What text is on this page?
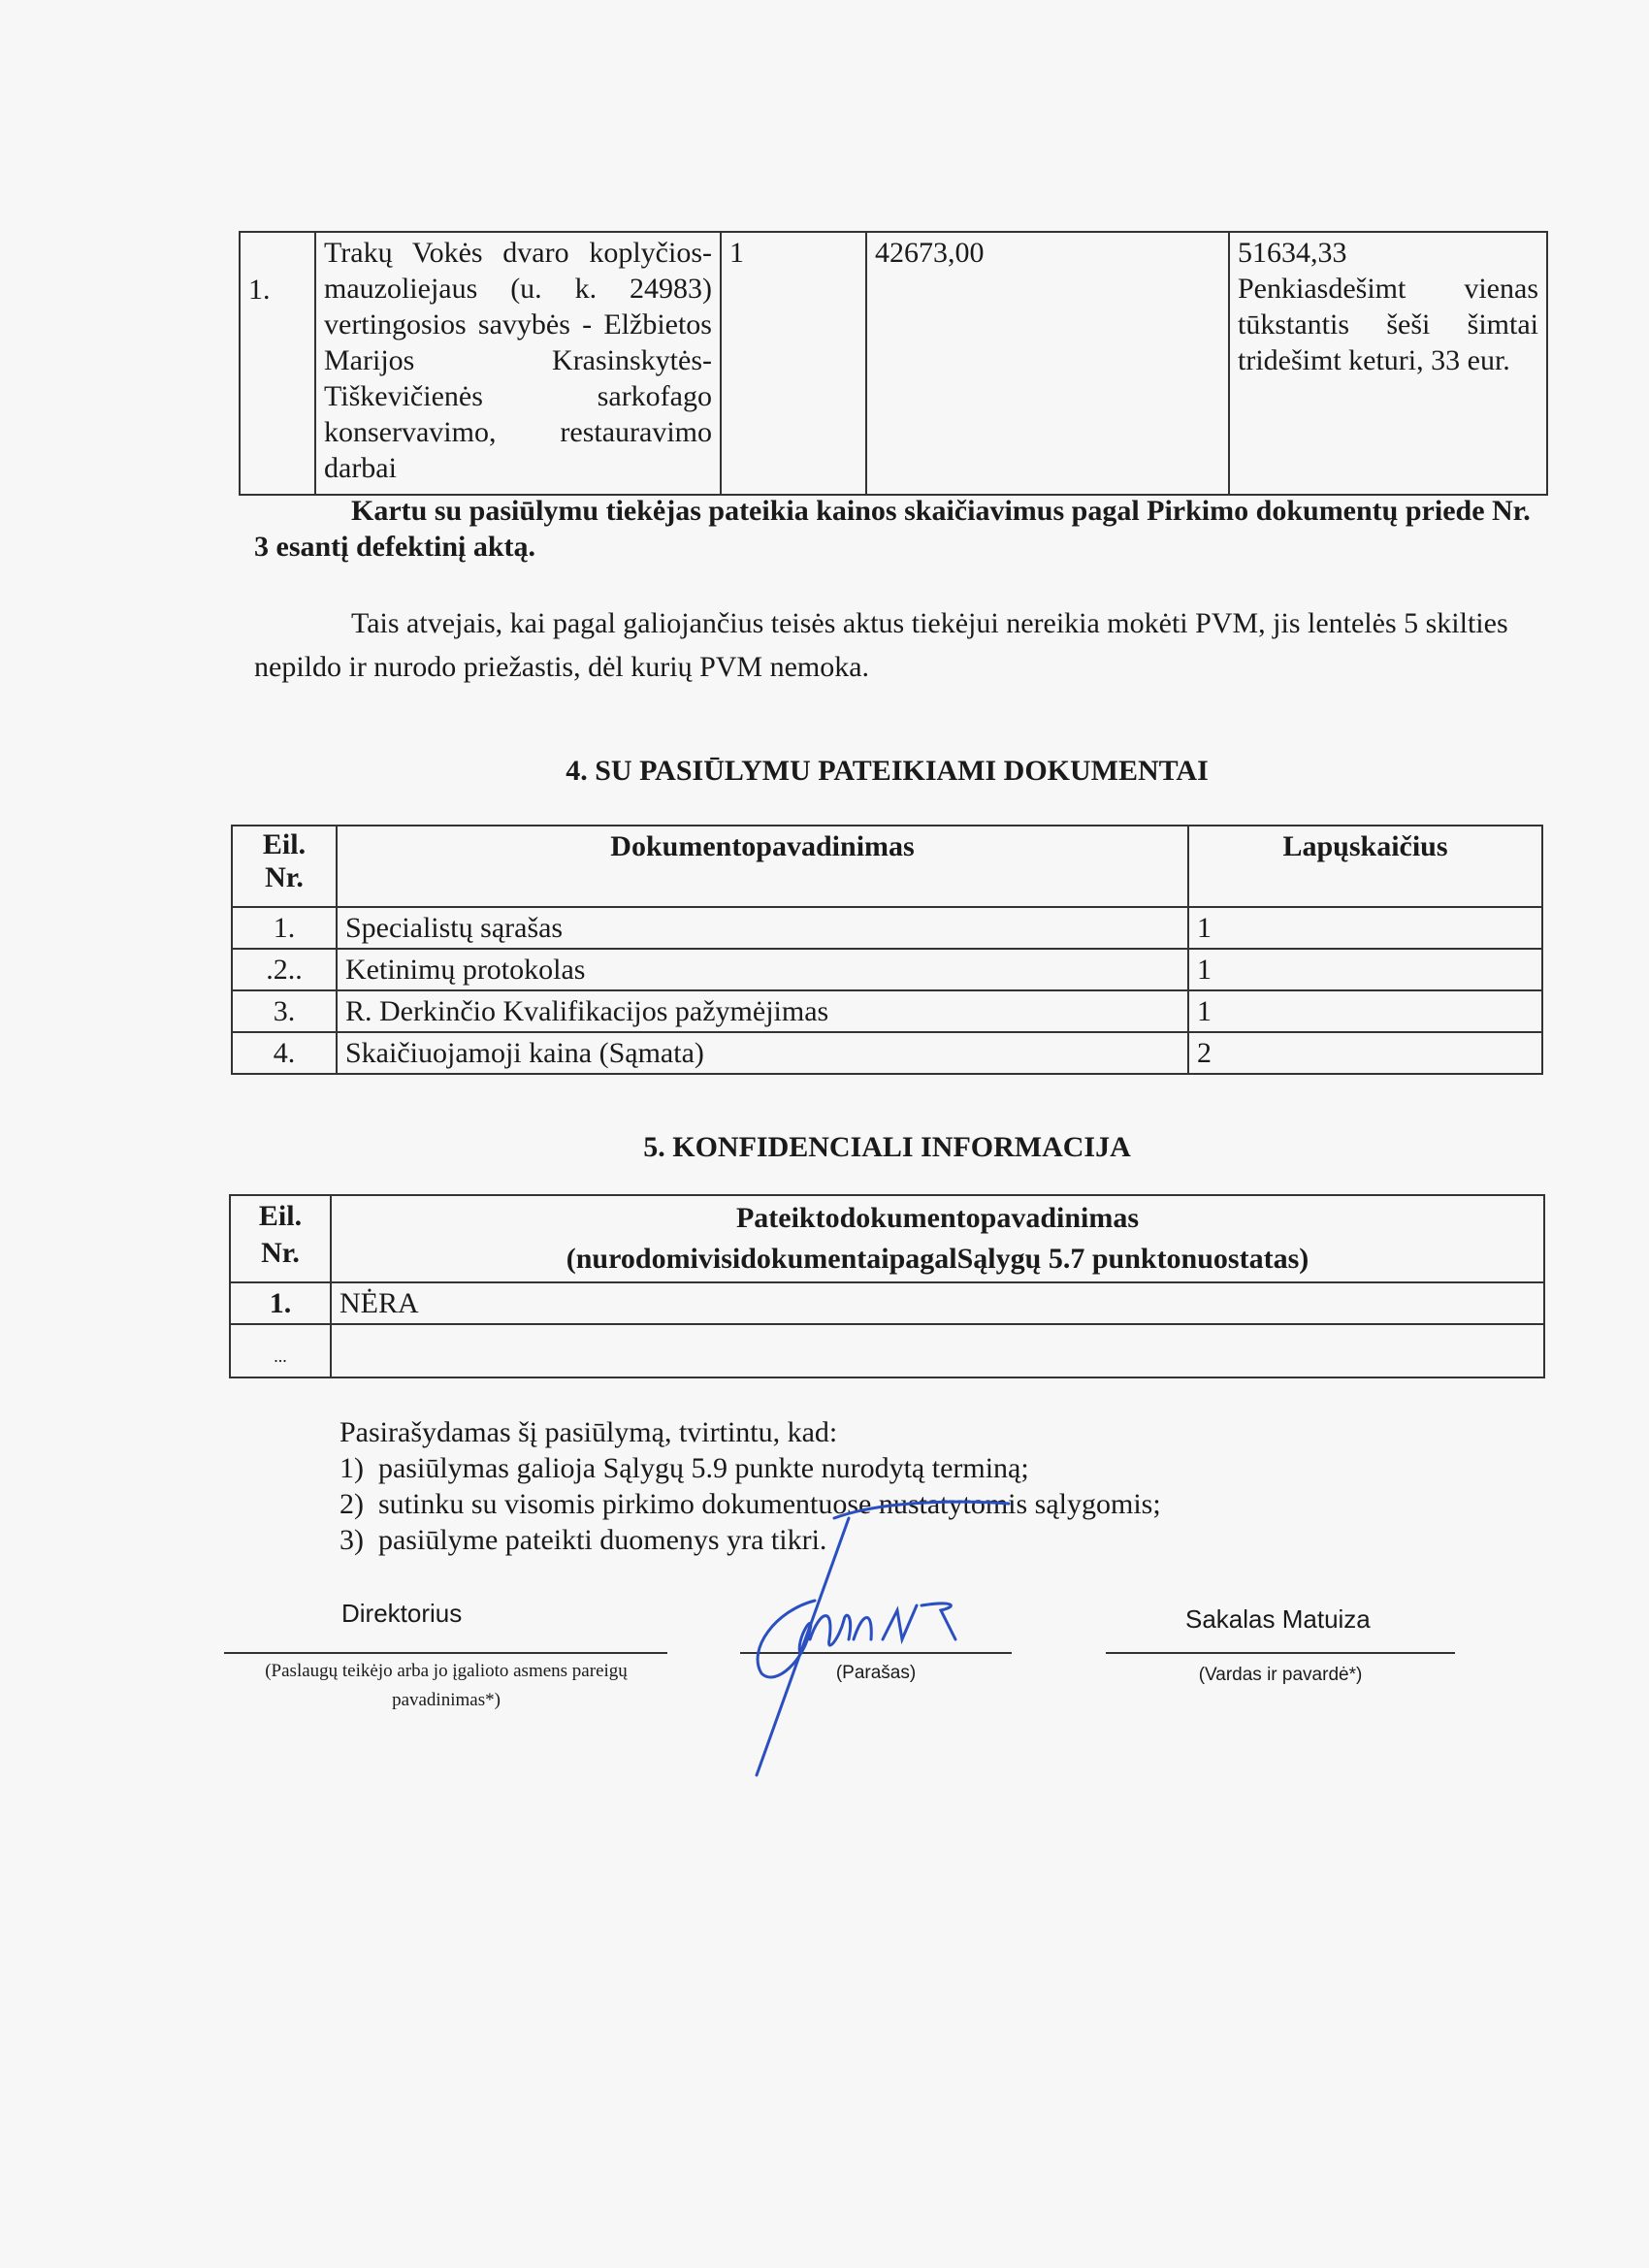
1.	Trakų Vokės dvaro koplyčios-mauzoliejaus (u. k. 24983) vertingosios savybės - Elžbietos Marijos Krasinskytės-Tiškevičienės sarkofago konservavimo, restauravimo darbai	1	42673,00	51634,33
Penkiasdešimt vienas tūkstantis šeši šimtai tridešimt keturi, 33 eur.
Kartu su pasiūlymu tiekėjas pateikia kainos skaičiavimus pagal Pirkimo dokumentų priede Nr. 3 esantį defektinį aktą.
Tais atvejais, kai pagal galiojančius teisės aktus tiekėjui nereikia mokėti PVM, jis lentelės 5 skilties nepildo ir nurodo priežastis, dėl kurių PVM nemoka.
4. SU PASIŪLYMU PATEIKIAMI DOKUMENTAI
Eil. Nr.	Dokumentopavadinimas	Lapųskaičius
1.	Specialistų sąrašas	1
.2..	Ketinimų protokolas	1
3.	R. Derkinčio Kvalifikacijos pažymėjimas	1
4.	Skaičiuojamoji kaina (Sąmata)	2
5. KONFIDENCIALI INFORMACIJA
Eil. Nr.	Pateiktodokumentopavadinimas
(nurodomivisidokumentaipagalSąlygų 5.7 punktonuostatas)

1.	NĖRA
...	
Pasirašydamas šį pasiūlymą, tvirtintu, kad:
1)  pasiūlymas galioja Sąlygų 5.9 punkte nurodytą terminą;
2)  sutinku su visomis pirkimo dokumentuose nustatytomis sąlygomis;
3)  pasiūlyme pateikti duomenys yra tikri.
Direktorius	Sakalas Matuiza
(Paslaugų teikėjo arba jo įgalioto asmens pareigų pavadinimas*)
(Parašas)	(Vardas ir pavardė*)
